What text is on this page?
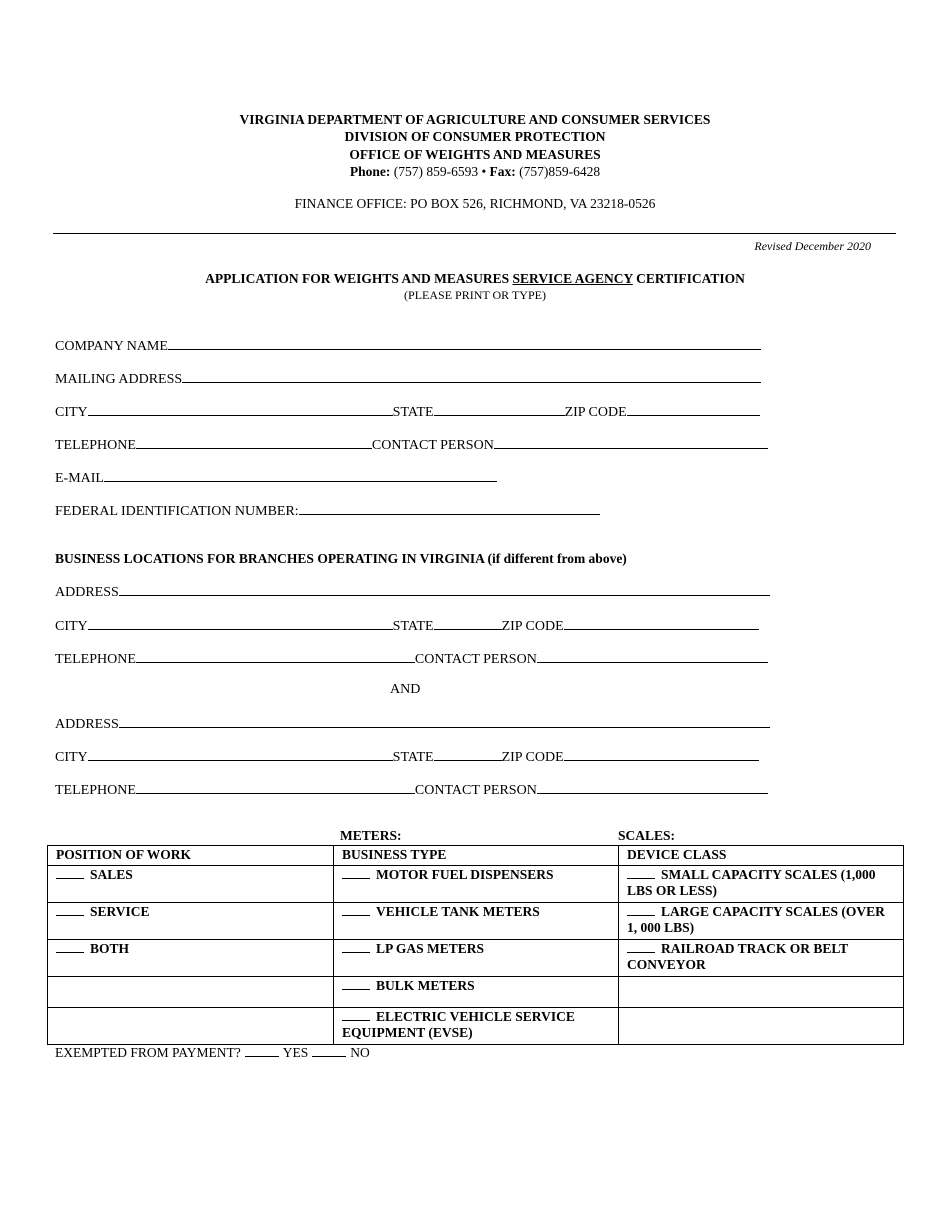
VIRGINIA DEPARTMENT OF AGRICULTURE AND CONSUMER SERVICES
DIVISION OF CONSUMER PROTECTION
OFFICE OF WEIGHTS AND MEASURES
Phone: (757) 859-6593 • Fax: (757)859-6428
FINANCE OFFICE: PO BOX 526, RICHMOND, VA 23218-0526
Revised December 2020
APPLICATION FOR WEIGHTS AND MEASURES SERVICE AGENCY CERTIFICATION
(PLEASE PRINT OR TYPE)
COMPANY NAME
MAILING ADDRESS
CITY	STATE	ZIP CODE
TELEPHONE	CONTACT PERSON
E-MAIL
FEDERAL IDENTIFICATION NUMBER:
BUSINESS LOCATIONS FOR BRANCHES OPERATING IN VIRGINIA (if different from above)
ADDRESS
CITY	STATE	ZIP CODE
TELEPHONE	CONTACT PERSON
AND
ADDRESS
CITY	STATE	ZIP CODE
TELEPHONE	CONTACT PERSON
METERS:	SCALES:
POSITION OF WORK	BUSINESS TYPE	DEVICE CLASS
SALES	MOTOR FUEL DISPENSERS	SMALL CAPACITY SCALES (1,000 LBS OR LESS)
SERVICE	VEHICLE TANK METERS	LARGE CAPACITY SCALES (OVER 1, 000 LBS)
BOTH	LP GAS METERS	RAILROAD TRACK OR BELT CONVEYOR
	BULK METERS	
	ELECTRIC VEHICLE SERVICE EQUIPMENT (EVSE)	
EXEMPTED FROM PAYMENT?	YES	NO
